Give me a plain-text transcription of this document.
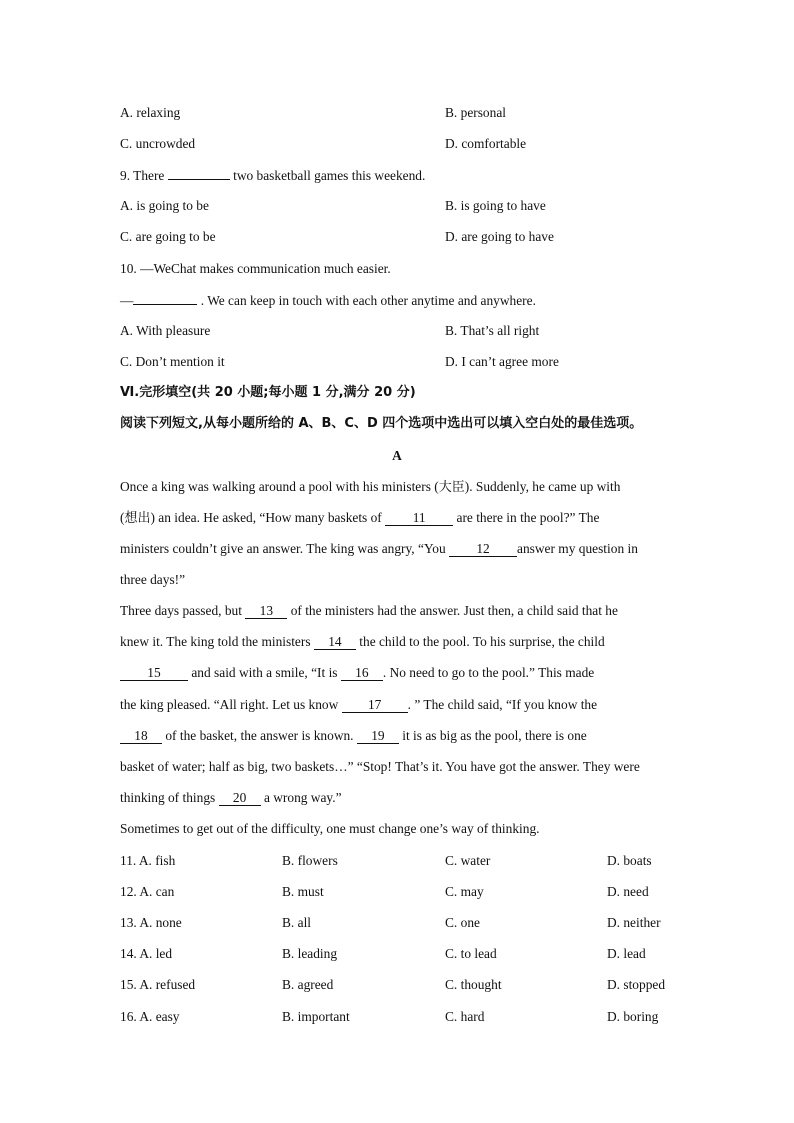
A. relaxing	B. personal
C. uncrowded	D. comfortable
9. There	two basketball games this weekend.
A. is going to be	B. is going to have
C. are going to be	D. are going to have
10. —WeChat makes communication much easier.
—	. We can keep in touch with each other anytime and anywhere.
A. With pleasure	B. That’s all right
C. Don’t mention it	D. I can’t agree more
Ⅵ.完形填空(共 20 小题;每小题 1 分,满分 20 分)
阅读下列短文,从每小题所给的 A、B、C、D 四个选项中选出可以填入空白处的最佳选项。
A
Once a king was walking around a pool with his ministers (大臣). Suddenly, he came up with
(想出) an idea. He asked, “How many baskets of 11 are there in the pool?” The
ministers couldn’t give an answer. The king was angry, “You 12 answer my question in
three days!”
Three days passed, but 13 of the ministers had the answer. Just then, a child said that he
knew it. The king told the ministers 14 the child to the pool. To his surprise, the child
15 and said with a smile, “It is 16 . No need to go to the pool.” This made
the king pleased. “All right. Let us know 17 . ” The child said, “If you know the
18 of the basket, the answer is known. 19 it is as big as the pool, there is one
basket of water; half as big, two baskets…” “Stop! That’s it. You have got the answer. They were
thinking of things 20 a wrong way.”
Sometimes to get out of the difficulty, one must change one’s way of thinking.
11. A. fish	B. flowers	C. water	D. boats
12. A. can	B. must	C. may	D. need
13. A. none	B. all	C. one	D. neither
14. A. led	B. leading	C. to lead	D. lead
15. A. refused	B. agreed	C. thought	D. stopped
16. A. easy	B. important	C. hard	D. boring
